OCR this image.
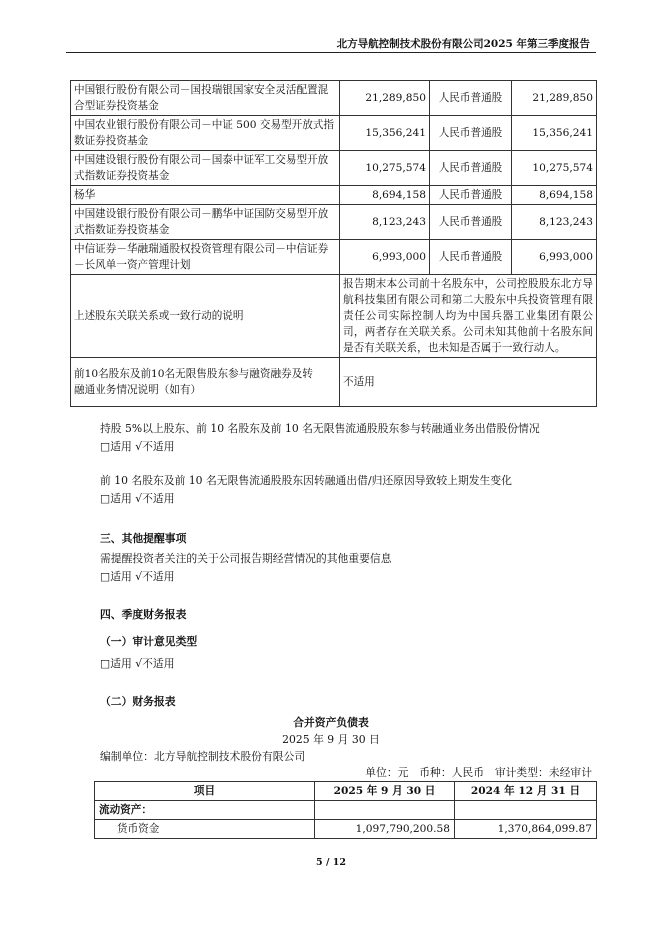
北方导航控制技术股份有限公司2025 年第三季度报告
中国银行股份有限公司－国投瑞银国家安全灵活配置混合型证券投资基金	21,289,850	人民币普通股	21,289,850
中国农业银行股份有限公司－中证 500 交易型开放式指数证券投资基金	15,356,241	人民币普通股	15,356,241
中国建设银行股份有限公司－国泰中证军工交易型开放式指数证券投资基金	10,275,574	人民币普通股	10,275,574
杨华	8,694,158	人民币普通股	8,694,158
中国建设银行股份有限公司－鹏华中证国防交易型开放式指数证券投资基金	8,123,243	人民币普通股	8,123,243
中信证券－华融瑞通股权投资管理有限公司－中信证券－长风单一资产管理计划	6,993,000	人民币普通股	6,993,000
上述股东关联关系或一致行动的说明	报告期末本公司前十名股东中，公司控股股东北方导航科技集团有限公司和第二大股东中兵投资管理有限责任公司实际控制人均为中国兵器工业集团有限公司，两者存在关联关系。公司未知其他前十名股东间是否有关联关系，也未知是否属于一致行动人。		
前10名股东及前10名无限售股东参与融资融券及转融通业务情况说明（如有）	不适用		
持股 5%以上股东、前 10 名股东及前 10 名无限售流通股股东参与转融通业务出借股份情况
□适用 √不适用
前 10 名股东及前 10 名无限售流通股股东因转融通出借/归还原因导致较上期发生变化
□适用 √不适用
三、其他提醒事项
需提醒投资者关注的关于公司报告期经营情况的其他重要信息
□适用 √不适用
四、季度财务报表
（一）审计意见类型
□适用 √不适用
（二）财务报表
合并资产负债表
2025 年 9 月 30 日
编制单位：北方导航控制技术股份有限公司
单位：元　币种：人民币　审计类型：未经审计
项目	2025 年 9 月 30 日	2024 年 12 月 31 日
流动资产：		
货币资金	1,097,790,200.58	1,370,864,099.87
5 / 12
